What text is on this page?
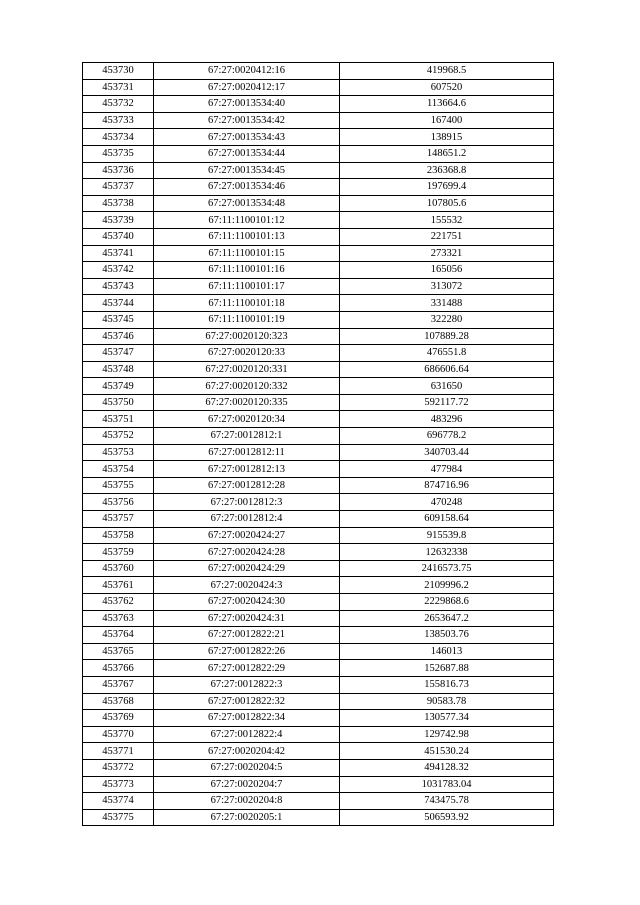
453730	67:27:0020412:16	419968.5
453731	67:27:0020412:17	607520
453732	67:27:0013534:40	113664.6
453733	67:27:0013534:42	167400
453734	67:27:0013534:43	138915
453735	67:27:0013534:44	148651.2
453736	67:27:0013534:45	236368.8
453737	67:27:0013534:46	197699.4
453738	67:27:0013534:48	107805.6
453739	67:11:1100101:12	155532
453740	67:11:1100101:13	221751
453741	67:11:1100101:15	273321
453742	67:11:1100101:16	165056
453743	67:11:1100101:17	313072
453744	67:11:1100101:18	331488
453745	67:11:1100101:19	322280
453746	67:27:0020120:323	107889.28
453747	67:27:0020120:33	476551.8
453748	67:27:0020120:331	686606.64
453749	67:27:0020120:332	631650
453750	67:27:0020120:335	592117.72
453751	67:27:0020120:34	483296
453752	67:27:0012812:1	696778.2
453753	67:27:0012812:11	340703.44
453754	67:27:0012812:13	477984
453755	67:27:0012812:28	874716.96
453756	67:27:0012812:3	470248
453757	67:27:0012812:4	609158.64
453758	67:27:0020424:27	915539.8
453759	67:27:0020424:28	12632338
453760	67:27:0020424:29	2416573.75
453761	67:27:0020424:3	2109996.2
453762	67:27:0020424:30	2229868.6
453763	67:27:0020424:31	2653647.2
453764	67:27:0012822:21	138503.76
453765	67:27:0012822:26	146013
453766	67:27:0012822:29	152687.88
453767	67:27:0012822:3	155816.73
453768	67:27:0012822:32	90583.78
453769	67:27:0012822:34	130577.34
453770	67:27:0012822:4	129742.98
453771	67:27:0020204:42	451530.24
453772	67:27:0020204:5	494128.32
453773	67:27:0020204:7	1031783.04
453774	67:27:0020204:8	743475.78
453775	67:27:0020205:1	506593.92
